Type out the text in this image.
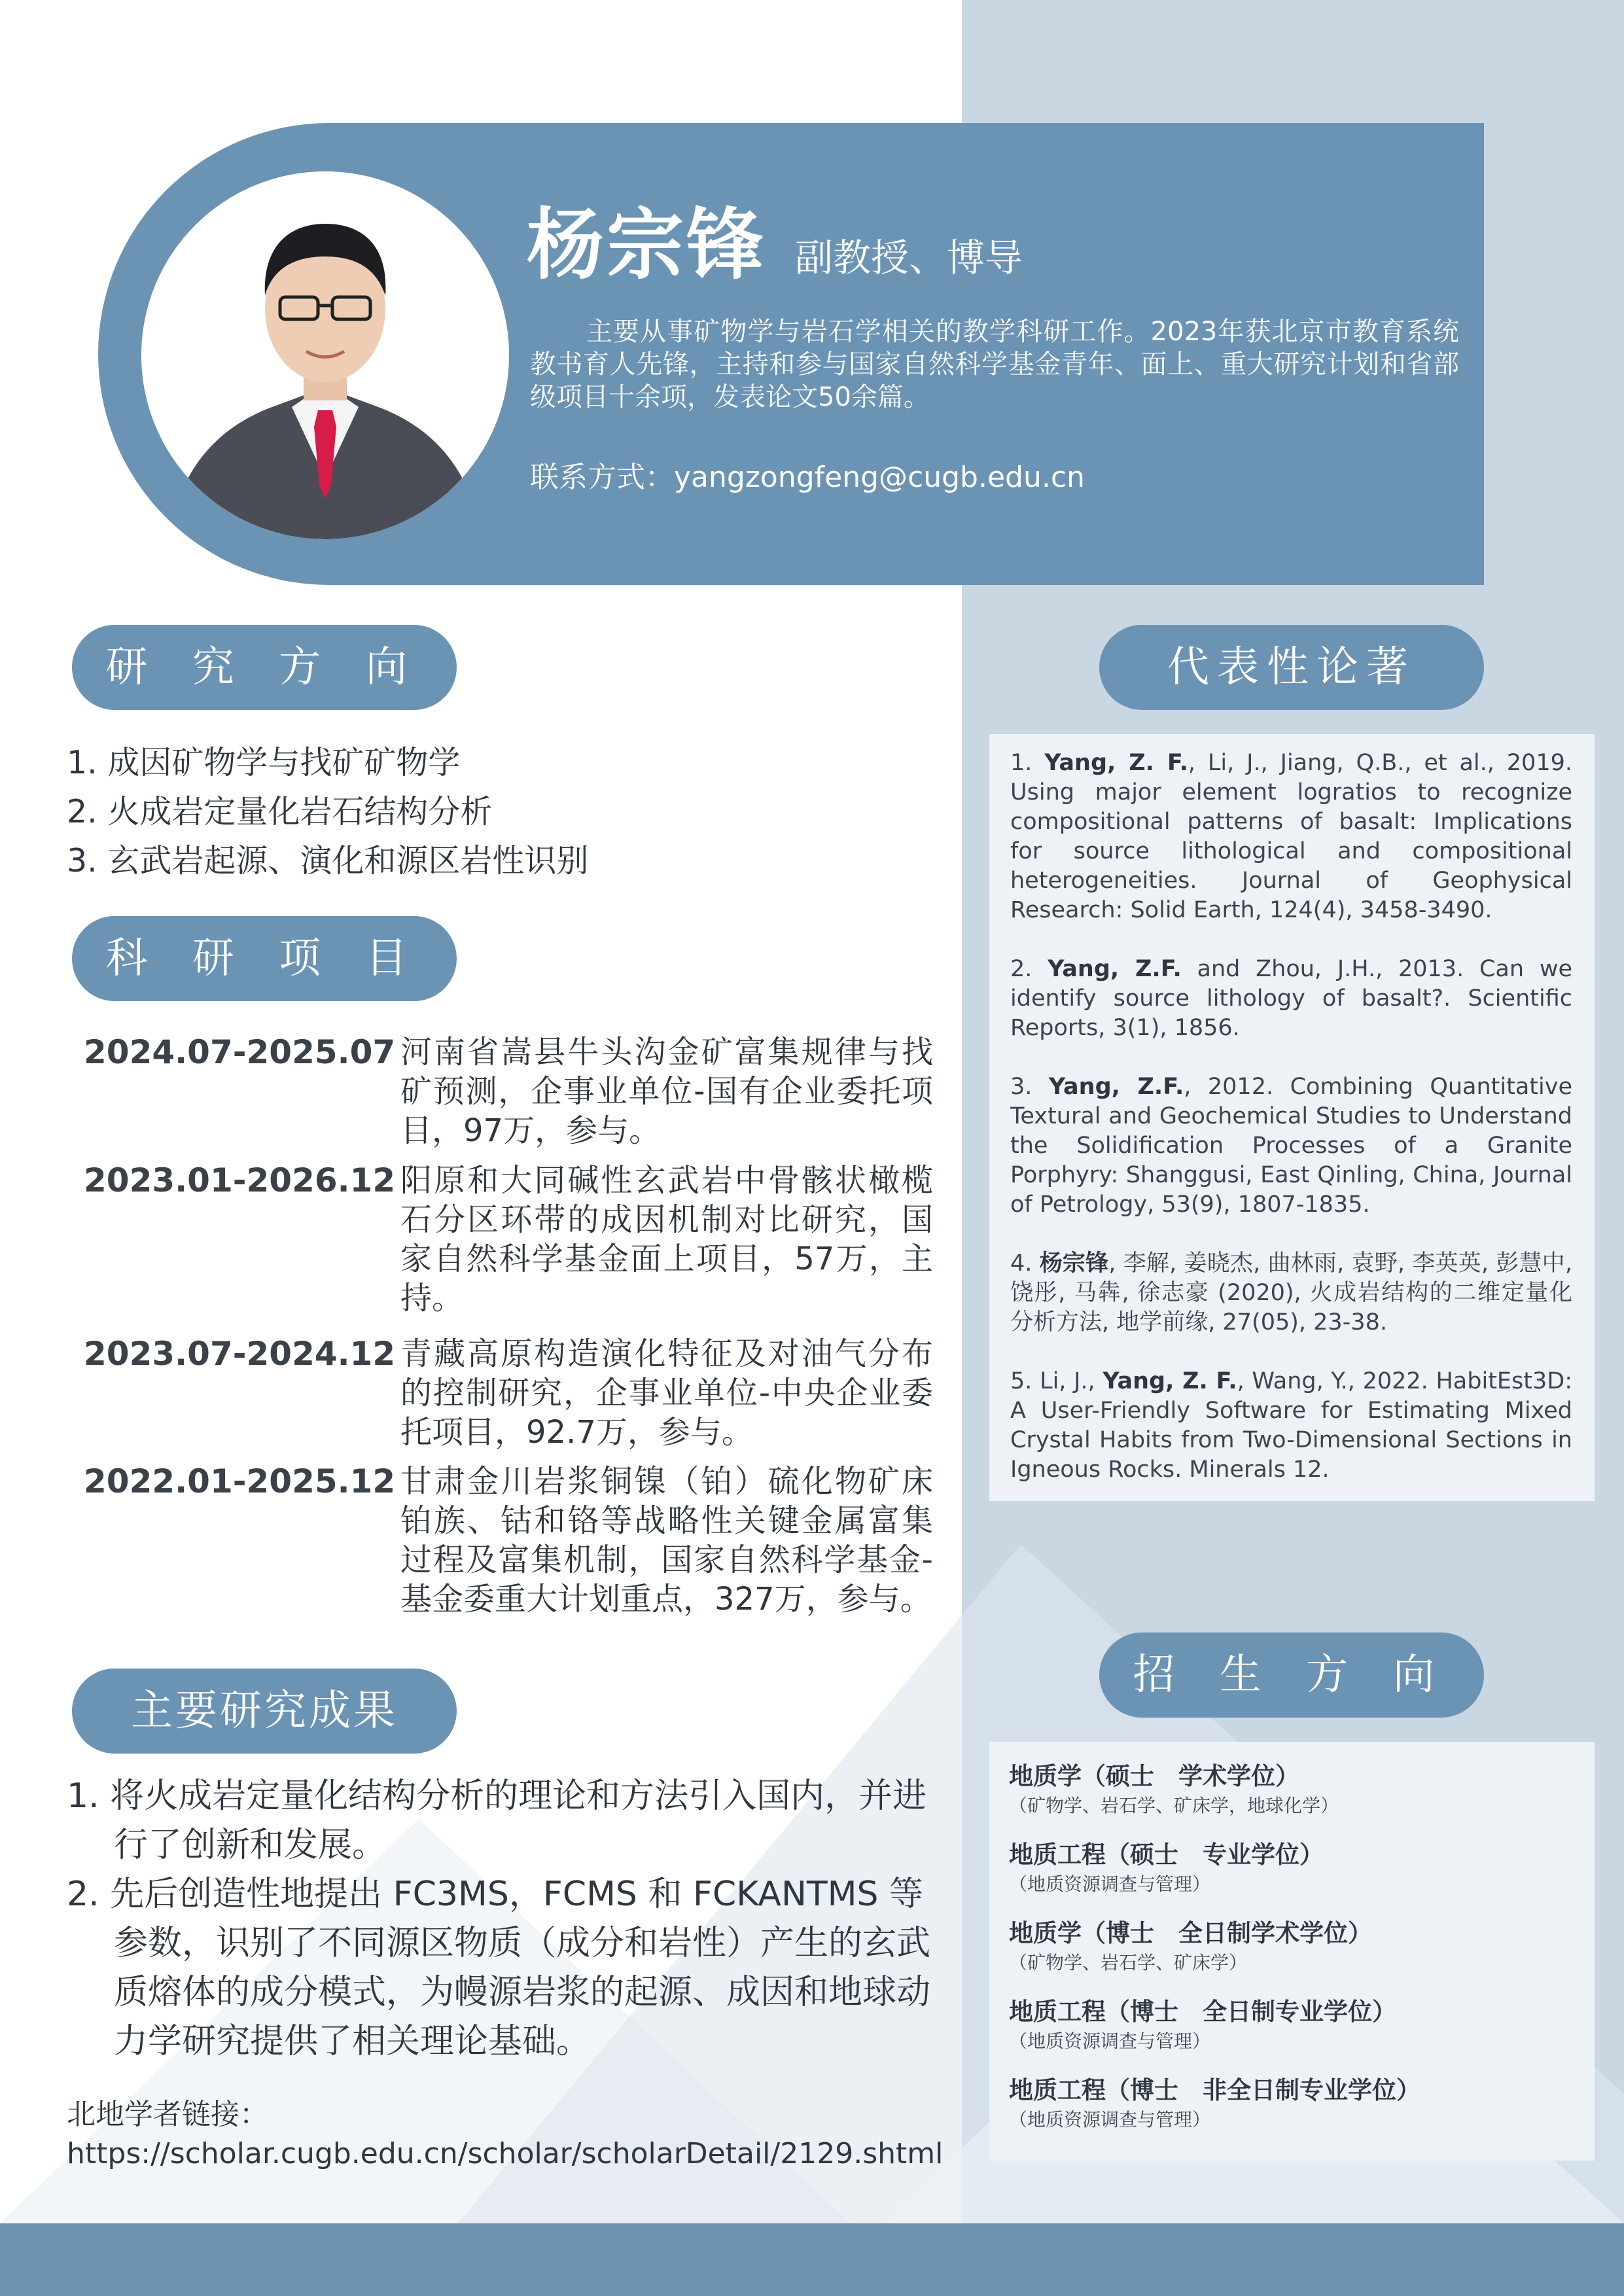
杨宗锋 副教授、博导
主要从事矿物学与岩石学相关的教学科研工作。2023年获北京市教育系统教书育人先锋，主持和参与国家自然科学基金青年、面上、重大研究计划和省部级项目十余项，发表论文50余篇。
联系方式：yangzongfeng@cugb.edu.cn
研 究 方 向
1. 成因矿物学与找矿矿物学
2. 火成岩定量化岩石结构分析
3. 玄武岩起源、演化和源区岩性识别
科 研 项 目
2024.07-2025.07 河南省嵩县牛头沟金矿富集规律与找矿预测，企事业单位-国有企业委托项目，97万，参与。
2023.01-2026.12 阳原和大同碱性玄武岩中骨骸状橄榄石分区环带的成因机制对比研究，国家自然科学基金面上项目，57万，主持。
2023.07-2024.12 青藏高原构造演化特征及对油气分布的控制研究，企事业单位-中央企业委托项目，92.7万，参与。
2022.01-2025.12 甘肃金川岩浆铜镍（铂）硫化物矿床铂族、钴和铬等战略性关键金属富集过程及富集机制，国家自然科学基金-基金委重大计划重点，327万，参与。
主要研究成果
1. 将火成岩定量化结构分析的理论和方法引入国内，并进行了创新和发展。
2. 先后创造性地提出 FC3MS，FCMS 和 FCKANTMS 等参数，识别了不同源区物质（成分和岩性）产生的玄武质熔体的成分模式，为幔源岩浆的起源、成因和地球动力学研究提供了相关理论基础。
北地学者链接：
https://scholar.cugb.edu.cn/scholar/scholarDetail/2129.shtml
代表性论著

1. Yang, Z. F., Li, J., Jiang, Q.B., et al., 2019. Using major element logratios to recognize compositional patterns of basalt: Implications for source lithological and compositional heterogeneities. Journal of Geophysical Research: Solid Earth, 124(4), 3458-3490.

2. Yang, Z.F. and Zhou, J.H., 2013. Can we identify source lithology of basalt?. Scientific Reports, 3(1), 1856.

3. Yang, Z.F., 2012. Combining Quantitative Textural and Geochemical Studies to Understand the Solidification Processes of a Granite Porphyry: Shanggusi, East Qinling, China, Journal of Petrology, 53(9), 1807-1835.

4. 杨宗锋, 李解, 姜晓杰, 曲林雨, 袁野, 李英英, 彭慧中, 饶彤, 马犇, 徐志豪 (2020), 火成岩结构的二维定量化分析方法, 地学前缘, 27(05), 23-38.

5. Li, J., Yang, Z. F., Wang, Y., 2022. HabitEst3D: A User-Friendly Software for Estimating Mixed Crystal Habits from Two-Dimensional Sections in Igneous Rocks. Minerals 12.

招 生 方 向
地质学（硕士　学术学位）
（矿物学、岩石学、矿床学，地球化学）
地质工程（硕士　专业学位）
（地质资源调查与管理）
地质学（博士　全日制学术学位）
（矿物学、岩石学、矿床学）
地质工程（博士　全日制专业学位）
（地质资源调查与管理）
地质工程（博士　非全日制专业学位）
（地质资源调查与管理）
